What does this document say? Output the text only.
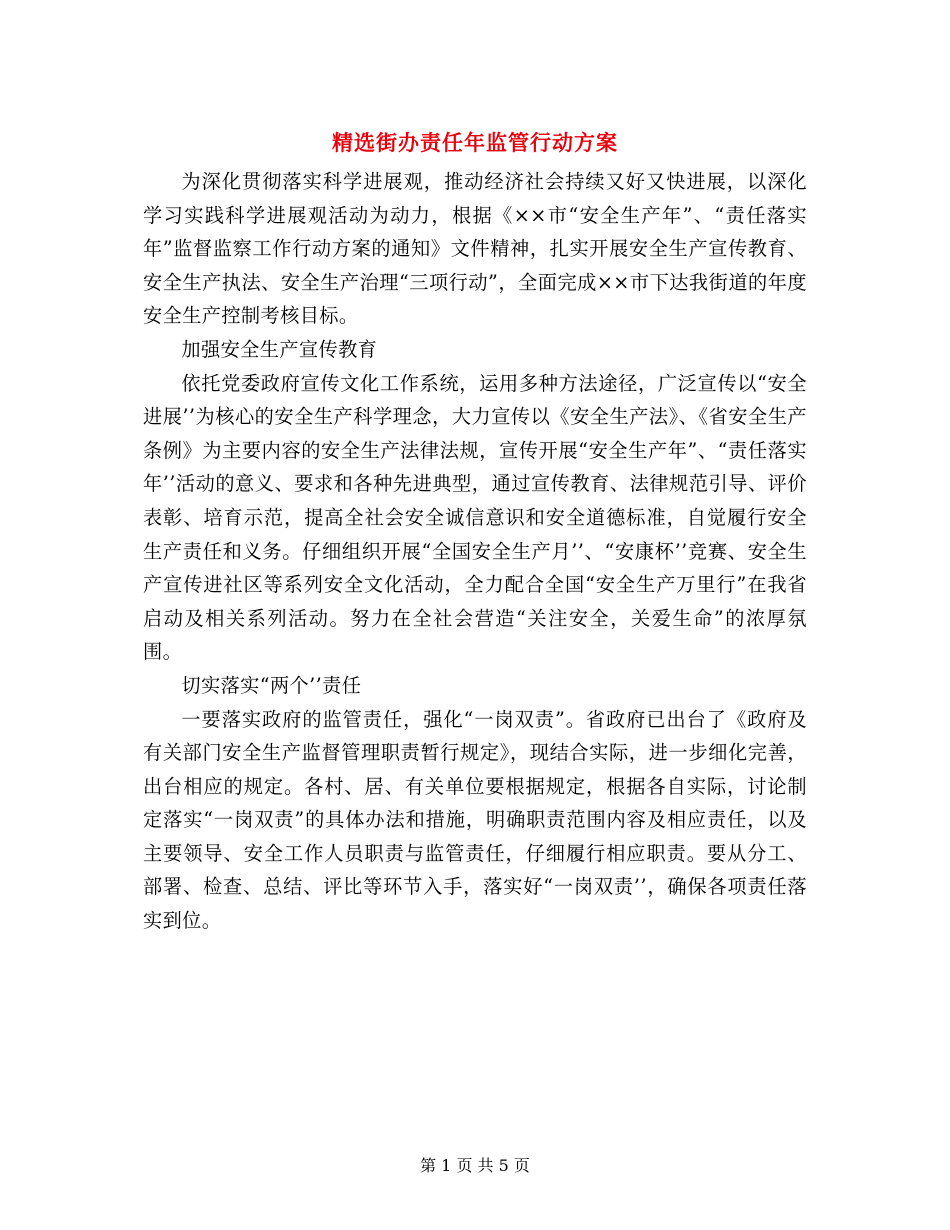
精选街办责任年监管行动方案

为深化贯彻落实科学进展观，推动经济社会持续又好又快进展，以深化学习实践科学进展观活动为动力，根据《××市“安全生产年”、“责任落实年”监督监察工作行动方案的通知》文件精神，扎实开展安全生产宣传教育、安全生产执法、安全生产治理“三项行动”，全面完成××市下达我街道的年度安全生产控制考核目标。

加强安全生产宣传教育

依托党委政府宣传文化工作系统，运用多种方法途径，广泛宣传以“安全进展’’为核心的安全生产科学理念，大力宣传以《安全生产法》、《省安全生产条例》为主要内容的安全生产法律法规，宣传开展“安全生产年”、“责任落实年’’活动的意义、要求和各种先进典型，通过宣传教育、法律规范引导、评价表彰、培育示范，提高全社会安全诚信意识和安全道德标准，自觉履行安全生产责任和义务。仔细组织开展“全国安全生产月’’、“安康杯’’竞赛、安全生产宣传进社区等系列安全文化活动，全力配合全国“安全生产万里行”在我省启动及相关系列活动。努力在全社会营造“关注安全，关爱生命”的浓厚氛围。

切实落实“两个’’责任

一要落实政府的监管责任，强化“一岗双责”。省政府已出台了《政府及有关部门安全生产监督管理职责暂行规定》，现结合实际，进一步细化完善，出台相应的规定。各村、居、有关单位要根据规定，根据各自实际，讨论制定落实“一岗双责”的具体办法和措施，明确职责范围内容及相应责任，以及主要领导、安全工作人员职责与监管责任，仔细履行相应职责。要从分工、部署、检查、总结、评比等环节入手，落实好“一岗双责’’，确保各项责任落实到位。

第 1 页 共 5 页
